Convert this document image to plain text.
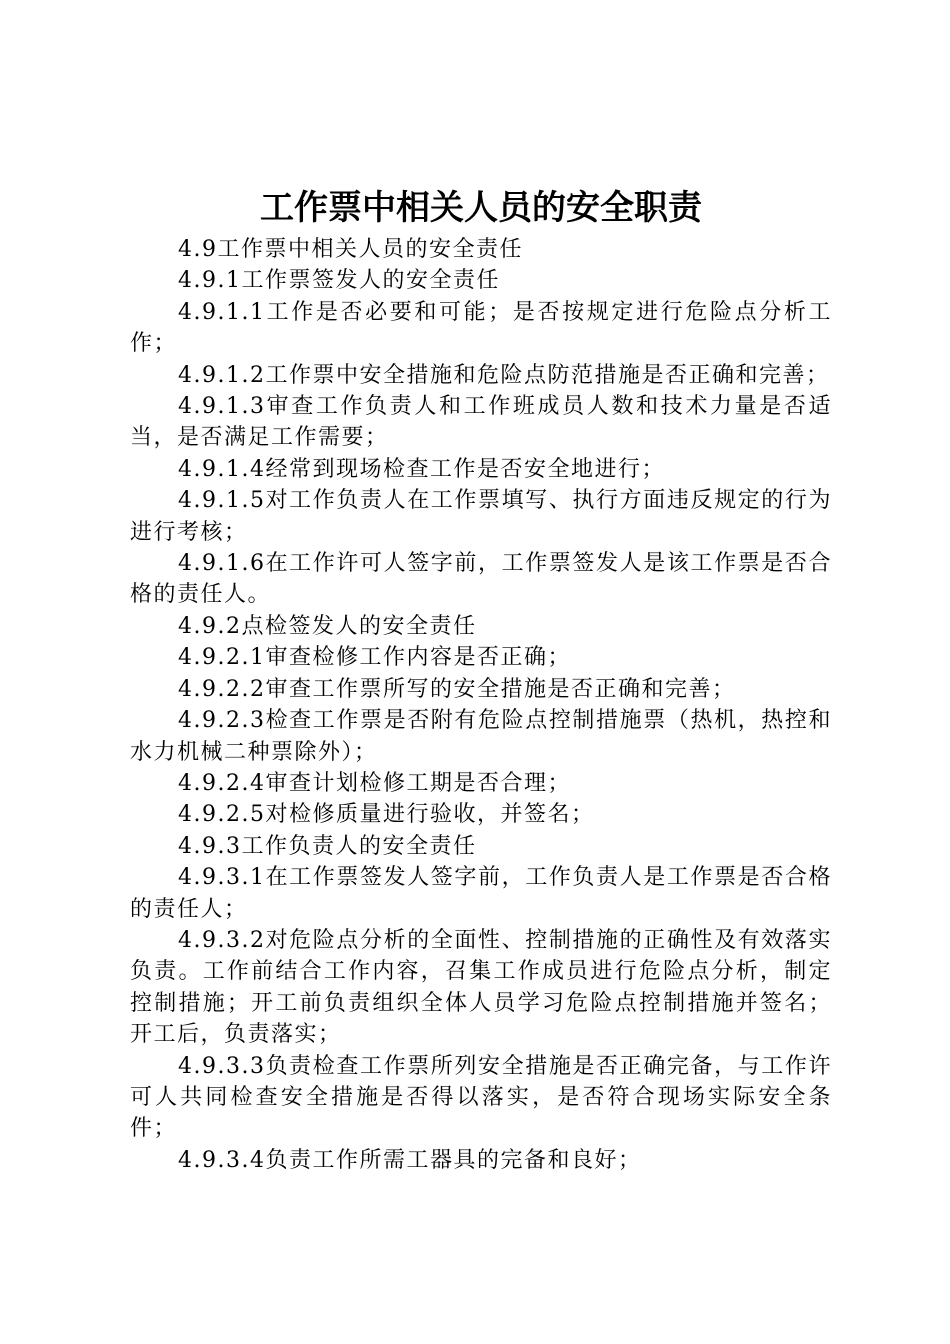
工作票中相关人员的安全职责

4.9工作票中相关人员的安全责任

4.9.1工作票签发人的安全责任

4.9.1.1工作是否必要和可能；是否按规定进行危险点分析工作；

4.9.1.2工作票中安全措施和危险点防范措施是否正确和完善；

4.9.1.3审查工作负责人和工作班成员人数和技术力量是否适当，是否满足工作需要；

4.9.1.4经常到现场检查工作是否安全地进行；

4.9.1.5对工作负责人在工作票填写、执行方面违反规定的行为进行考核；

4.9.1.6在工作许可人签字前，工作票签发人是该工作票是否合格的责任人。

4.9.2点检签发人的安全责任

4.9.2.1审查检修工作内容是否正确；

4.9.2.2审查工作票所写的安全措施是否正确和完善；

4.9.2.3检查工作票是否附有危险点控制措施票（热机，热控和水力机械二种票除外）；

4.9.2.4审查计划检修工期是否合理；

4.9.2.5对检修质量进行验收，并签名；

4.9.3工作负责人的安全责任

4.9.3.1在工作票签发人签字前，工作负责人是工作票是否合格的责任人；

4.9.3.2对危险点分析的全面性、控制措施的正确性及有效落实负责。工作前结合工作内容，召集工作成员进行危险点分析，制定控制措施；开工前负责组织全体人员学习危险点控制措施并签名；开工后，负责落实；

4.9.3.3负责检查工作票所列安全措施是否正确完备，与工作许可人共同检查安全措施是否得以落实，是否符合现场实际安全条件；

4.9.3.4负责工作所需工器具的完备和良好；
